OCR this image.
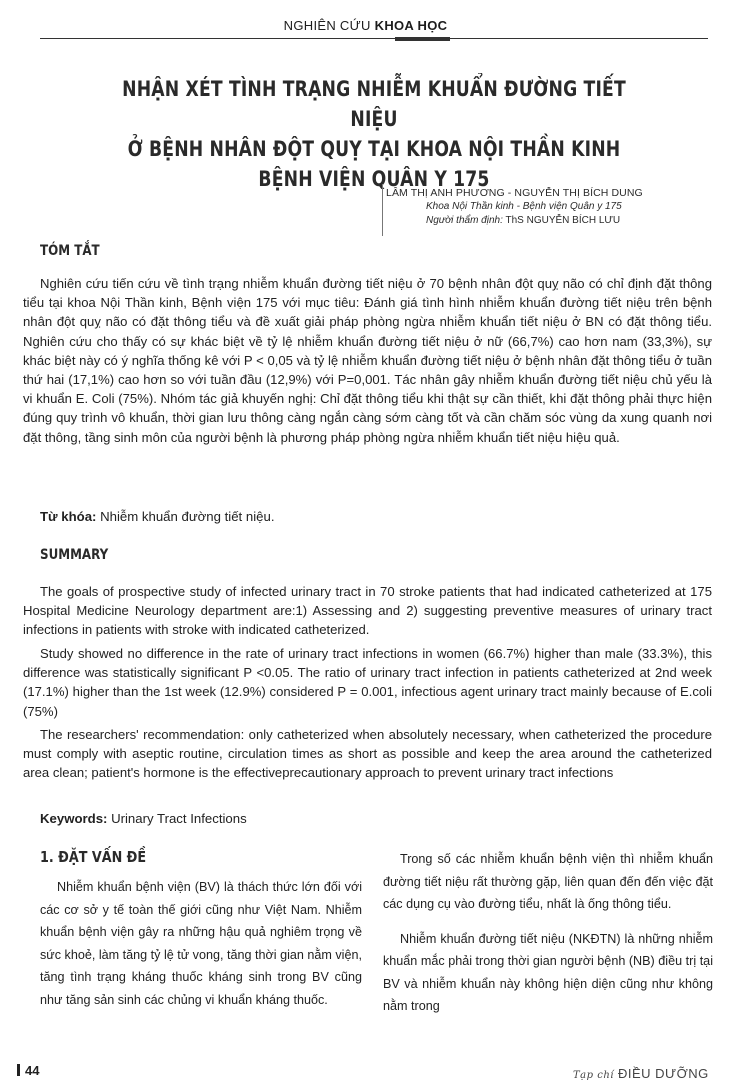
NGHIÊN CỨU KHOA HỌC
NHẬN XÉT TÌNH TRẠNG NHIỄM KHUẨN ĐƯỜNG TIẾT NIỆU
Ở BỆNH NHÂN ĐỘT QUỴ TẠI KHOA NỘI THẦN KINH
BỆNH VIỆN QUÂN Y 175
LÂM THỊ ANH PHƯƠNG - NGUYỄN THỊ BÍCH DUNG
Khoa Nội Thần kinh - Bệnh viện Quân y 175
Người thẩm định: ThS NGUYỄN BÍCH LƯU
TÓM TẮT
Nghiên cứu tiến cứu về tình trạng nhiễm khuẩn đường tiết niệu ở 70 bệnh nhân đột quỵ não có chỉ định đặt thông tiểu tại khoa Nội Thần kinh, Bệnh viện 175 với mục tiêu: Đánh giá tình hình nhiễm khuẩn đường tiết niệu trên bệnh nhân đột quỵ não có đặt thông tiểu và đề xuất giải pháp phòng ngừa nhiễm khuẩn tiết niệu ở BN có đặt thông tiểu. Nghiên cứu cho thấy có sự khác biệt về tỷ lệ nhiễm khuẩn đường tiết niệu ở nữ (66,7%) cao hơn nam (33,3%), sự khác biệt này có ý nghĩa thống kê với P < 0,05 và tỷ lệ nhiễm khuẩn đường tiết niệu ở bệnh nhân đặt thông tiểu ở tuần thứ hai (17,1%) cao hơn so với tuần đầu (12,9%) với P=0,001. Tác nhân gây nhiễm khuẩn đường tiết niệu chủ yếu là vi khuẩn E. Coli (75%). Nhóm tác giả khuyến nghị: Chỉ đặt thông tiểu khi thật sự cần thiết, khi đặt thông phải thực hiện đúng quy trình vô khuẩn, thời gian lưu thông càng ngắn càng sớm càng tốt và cần chăm sóc vùng da xung quanh nơi đặt thông, tầng sinh môn của người bệnh là phương pháp phòng ngừa nhiễm khuẩn tiết niệu hiệu quả.
Từ khóa: Nhiễm khuẩn đường tiết niệu.
SUMMARY
The goals of prospective study of infected urinary tract in 70 stroke patients that had indicated catheterized at 175 Hospital Medicine Neurology department are:1) Assessing and 2) suggesting preventive measures of urinary tract infections in patients with stroke with indicated catheterized.
Study showed no difference in the rate of urinary tract infections in women (66.7%) higher than male (33.3%), this difference was statistically significant P <0.05. The ratio of urinary tract infection in patients catheterized at 2nd week (17.1%) higher than the 1st week (12.9%) considered P = 0.001, infectious agent urinary tract mainly because of E.coli (75%)
The researchers' recommendation: only catheterized when absolutely necessary, when catheterized the procedure must comply with aseptic routine, circulation times as short as possible and keep the area around the catheterized area clean; patient's hormone is the effectiveprecautionary approach to prevent urinary tract infections
Keywords: Urinary Tract Infections
1. ĐẶT VẤN ĐỀ
Nhiễm khuẩn bệnh viện (BV) là thách thức lớn đối với các cơ sở y tế toàn thế giới cũng như Việt Nam. Nhiễm khuẩn bệnh viện gây ra những hậu quả nghiêm trọng về sức khoẻ, làm tăng tỷ lệ tử vong, tăng thời gian nằm viện, tăng tình trạng kháng thuốc kháng sinh trong BV cũng như tăng sản sinh các chủng vi khuẩn kháng thuốc.
Trong số các nhiễm khuẩn bệnh viện thì nhiễm khuẩn đường tiết niệu rất thường gặp, liên quan đến đến việc đặt các dụng cụ vào đường tiểu, nhất là ống thông tiểu.
Nhiễm khuẩn đường tiết niệu (NKĐTN) là những nhiễm khuẩn mắc phải trong thời gian người bệnh (NB) điều trị tại BV và nhiễm khuẩn này không hiện diện cũng như không nằm trong
44	Tạp chí ĐIỀU DƯỠNG
